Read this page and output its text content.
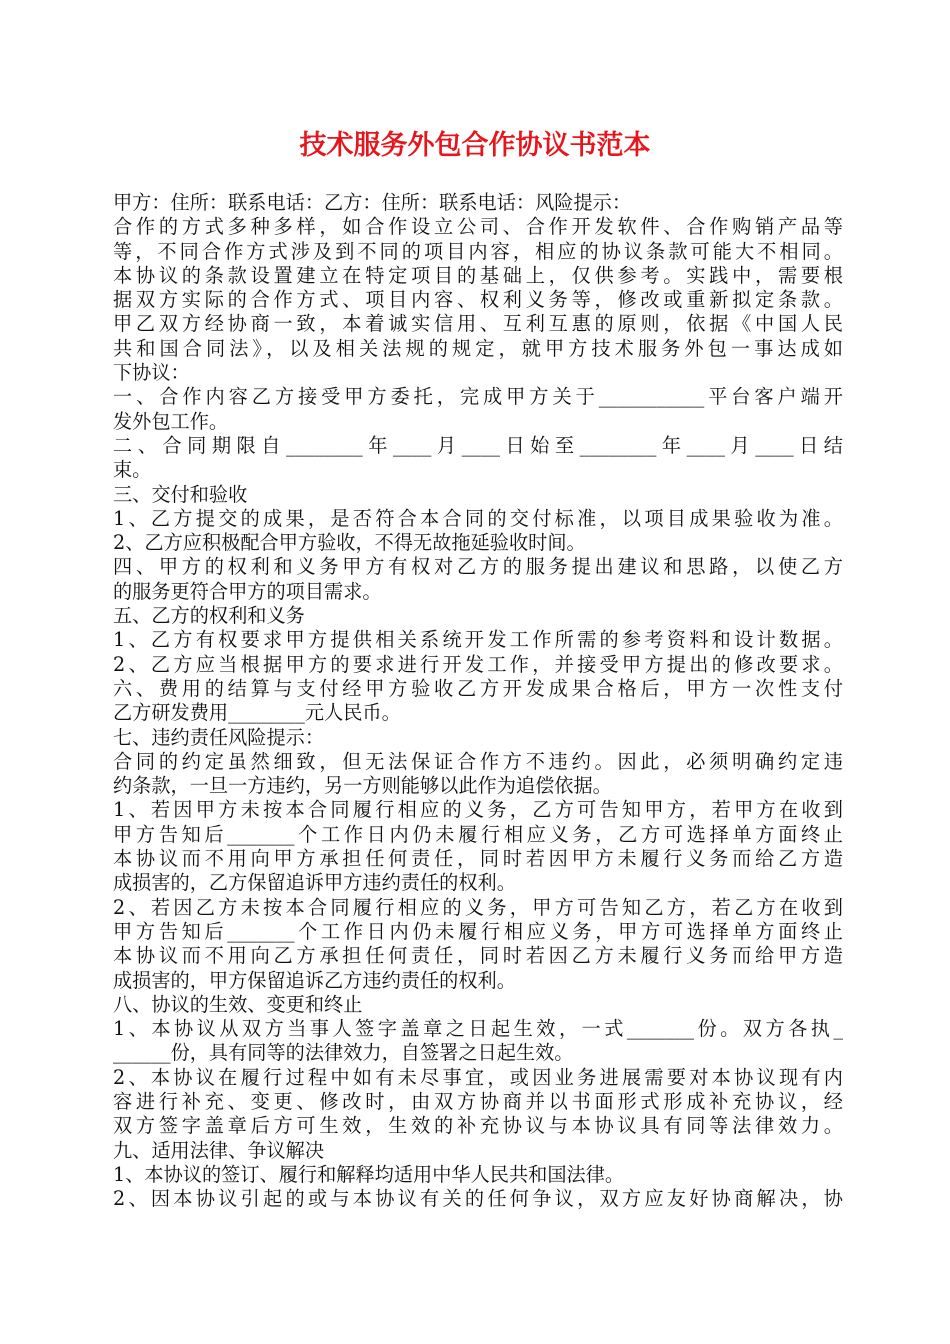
技术服务外包合作协议书范本
甲方：住所：联系电话：乙方：住所：联系电话：风险提示：
合作的方式多种多样，如合作设立公司、合作开发软件、合作购销产品等
等，不同合作方式涉及到不同的项目内容，相应的协议条款可能大不相同。
本协议的条款设置建立在特定项目的基础上，仅供参考。实践中，需要根
据双方实际的合作方式、项目内容、权利义务等，修改或重新拟定条款。
甲乙双方经协商一致，本着诚实信用、互利互惠的原则，依据《中国人民
共和国合同法》，以及相关法规的规定，就甲方技术服务外包一事达成如
下协议：
一、合作内容乙方接受甲方委托，完成甲方关于___________平台客户端开
发外包工作。
二、合同期限自________年____月____日始至________年____月____日结
束。
三、交付和验收
1、乙方提交的成果，是否符合本合同的交付标准，以项目成果验收为准。
2、乙方应积极配合甲方验收，不得无故拖延验收时间。
四、甲方的权利和义务甲方有权对乙方的服务提出建议和思路，以使乙方
的服务更符合甲方的项目需求。
五、乙方的权利和义务
1、乙方有权要求甲方提供相关系统开发工作所需的参考资料和设计数据。
2、乙方应当根据甲方的要求进行开发工作，并接受甲方提出的修改要求。
六、费用的结算与支付经甲方验收乙方开发成果合格后，甲方一次性支付
乙方研发费用________元人民币。
七、违约责任风险提示：
合同的约定虽然细致，但无法保证合作方不违约。因此，必须明确约定违
约条款，一旦一方违约，另一方则能够以此作为追偿依据。
1、若因甲方未按本合同履行相应的义务，乙方可告知甲方，若甲方在收到
甲方告知后_______个工作日内仍未履行相应义务，乙方可选择单方面终止
本协议而不用向甲方承担任何责任，同时若因甲方未履行义务而给乙方造
成损害的，乙方保留追诉甲方违约责任的权利。
2、若因乙方未按本合同履行相应的义务，甲方可告知乙方，若乙方在收到
甲方告知后_______个工作日内仍未履行相应义务，甲方可选择单方面终止
本协议而不用向乙方承担任何责任，同时若因乙方未履行义务而给甲方造
成损害的，甲方保留追诉乙方违约责任的权利。
八、协议的生效、变更和终止
1、本协议从双方当事人签字盖章之日起生效，一式_______份。双方各执_
______份，具有同等的法律效力，自签署之日起生效。
2、本协议在履行过程中如有未尽事宜，或因业务进展需要对本协议现有内
容进行补充、变更、修改时，由双方协商并以书面形式形成补充协议，经
双方签字盖章后方可生效，生效的补充协议与本协议具有同等法律效力。
九、适用法律、争议解决
1、本协议的签订、履行和解释均适用中华人民共和国法律。
2、因本协议引起的或与本协议有关的任何争议，双方应友好协商解决，协
